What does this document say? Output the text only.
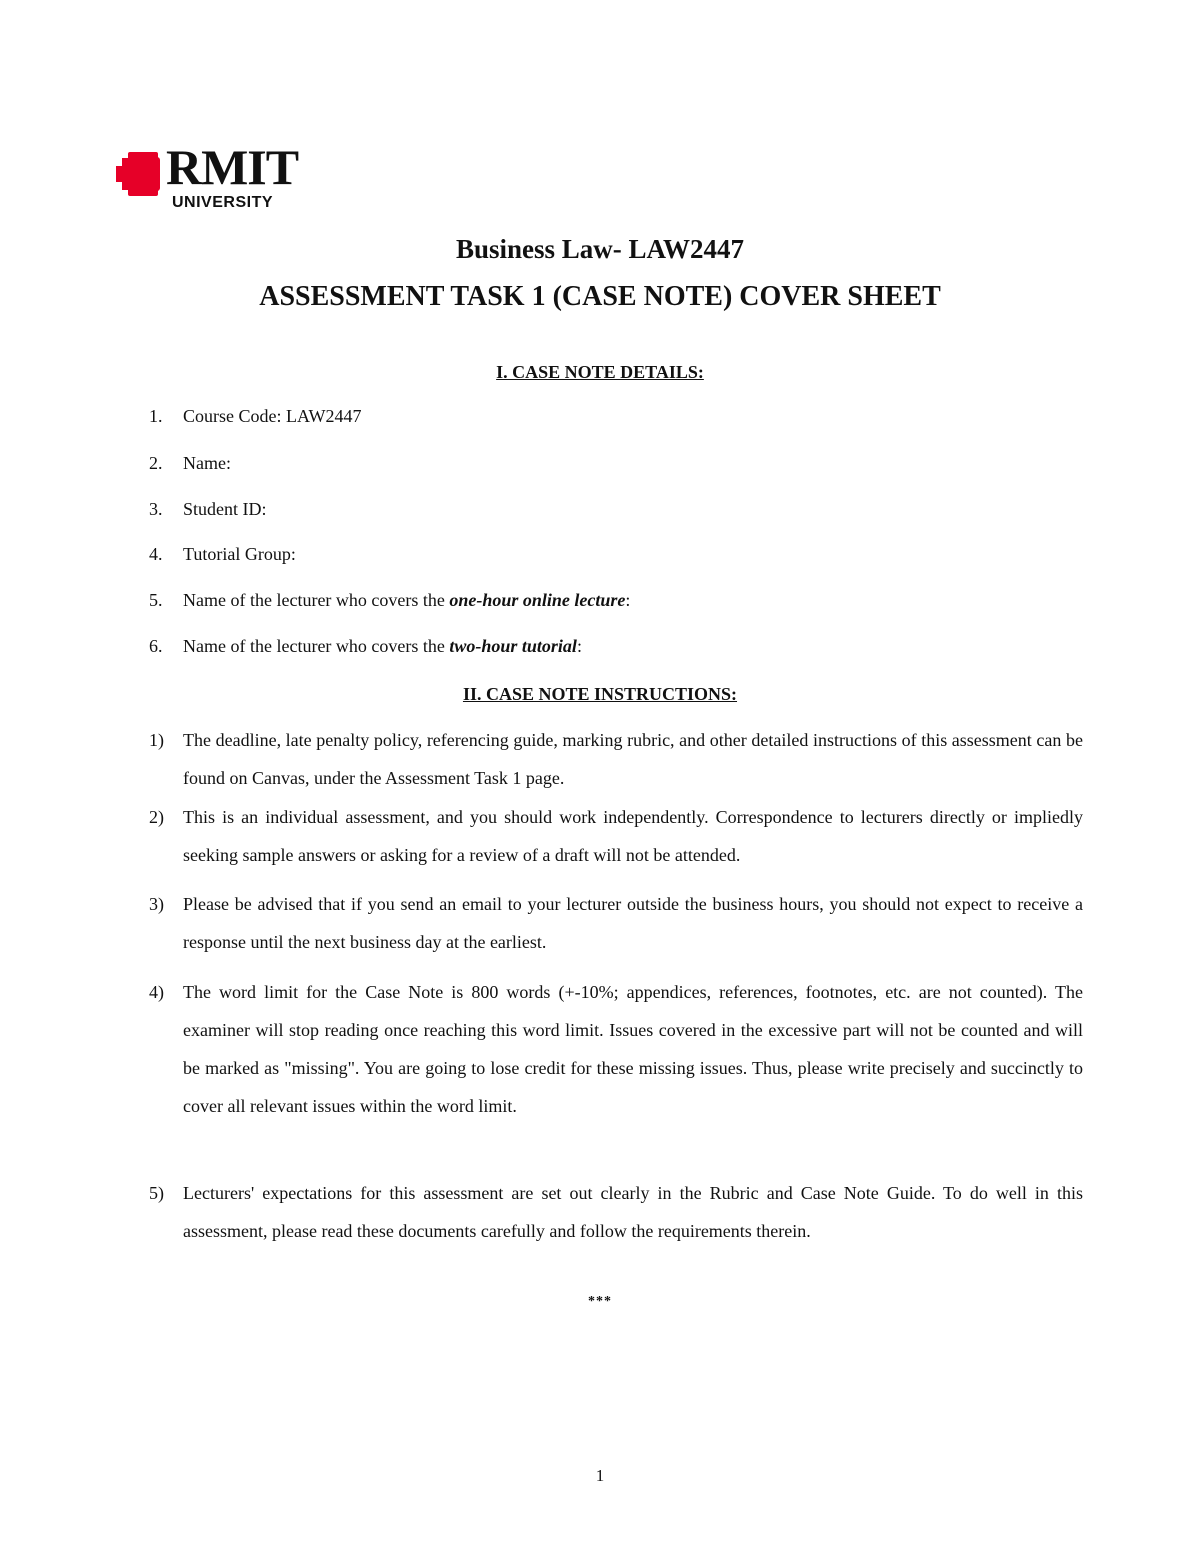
RMIT
UNIVERSITY
Business Law- LAW2447
ASSESSMENT TASK 1 (CASE NOTE) COVER SHEET
I. CASE NOTE DETAILS:
1. Course Code: LAW2447
2. Name:
3. Student ID:
4. Tutorial Group:
5. Name of the lecturer who covers the one-hour online lecture:
6. Name of the lecturer who covers the two-hour tutorial:
II. CASE NOTE INSTRUCTIONS:
1)	The deadline, late penalty policy, referencing guide, marking rubric, and other detailed instructions of this assessment can be found on Canvas, under the Assessment Task 1 page.
2)	This is an individual assessment, and you should work independently. Correspondence to lecturers directly or impliedly seeking sample answers or asking for a review of a draft will not be attended.
3)	Please be advised that if you send an email to your lecturer outside the business hours, you should not expect to receive a response until the next business day at the earliest.
4)	The word limit for the Case Note is 800 words (+-10%; appendices, references, footnotes, etc. are not counted). The examiner will stop reading once reaching this word limit. Issues covered in the excessive part will not be counted and will be marked as "missing". You are going to lose credit for these missing issues. Thus, please write precisely and succinctly to cover all relevant issues within the word limit.
5)	Lecturers' expectations for this assessment are set out clearly in the Rubric and Case Note Guide. To do well in this assessment, please read these documents carefully and follow the requirements therein.
***
1
